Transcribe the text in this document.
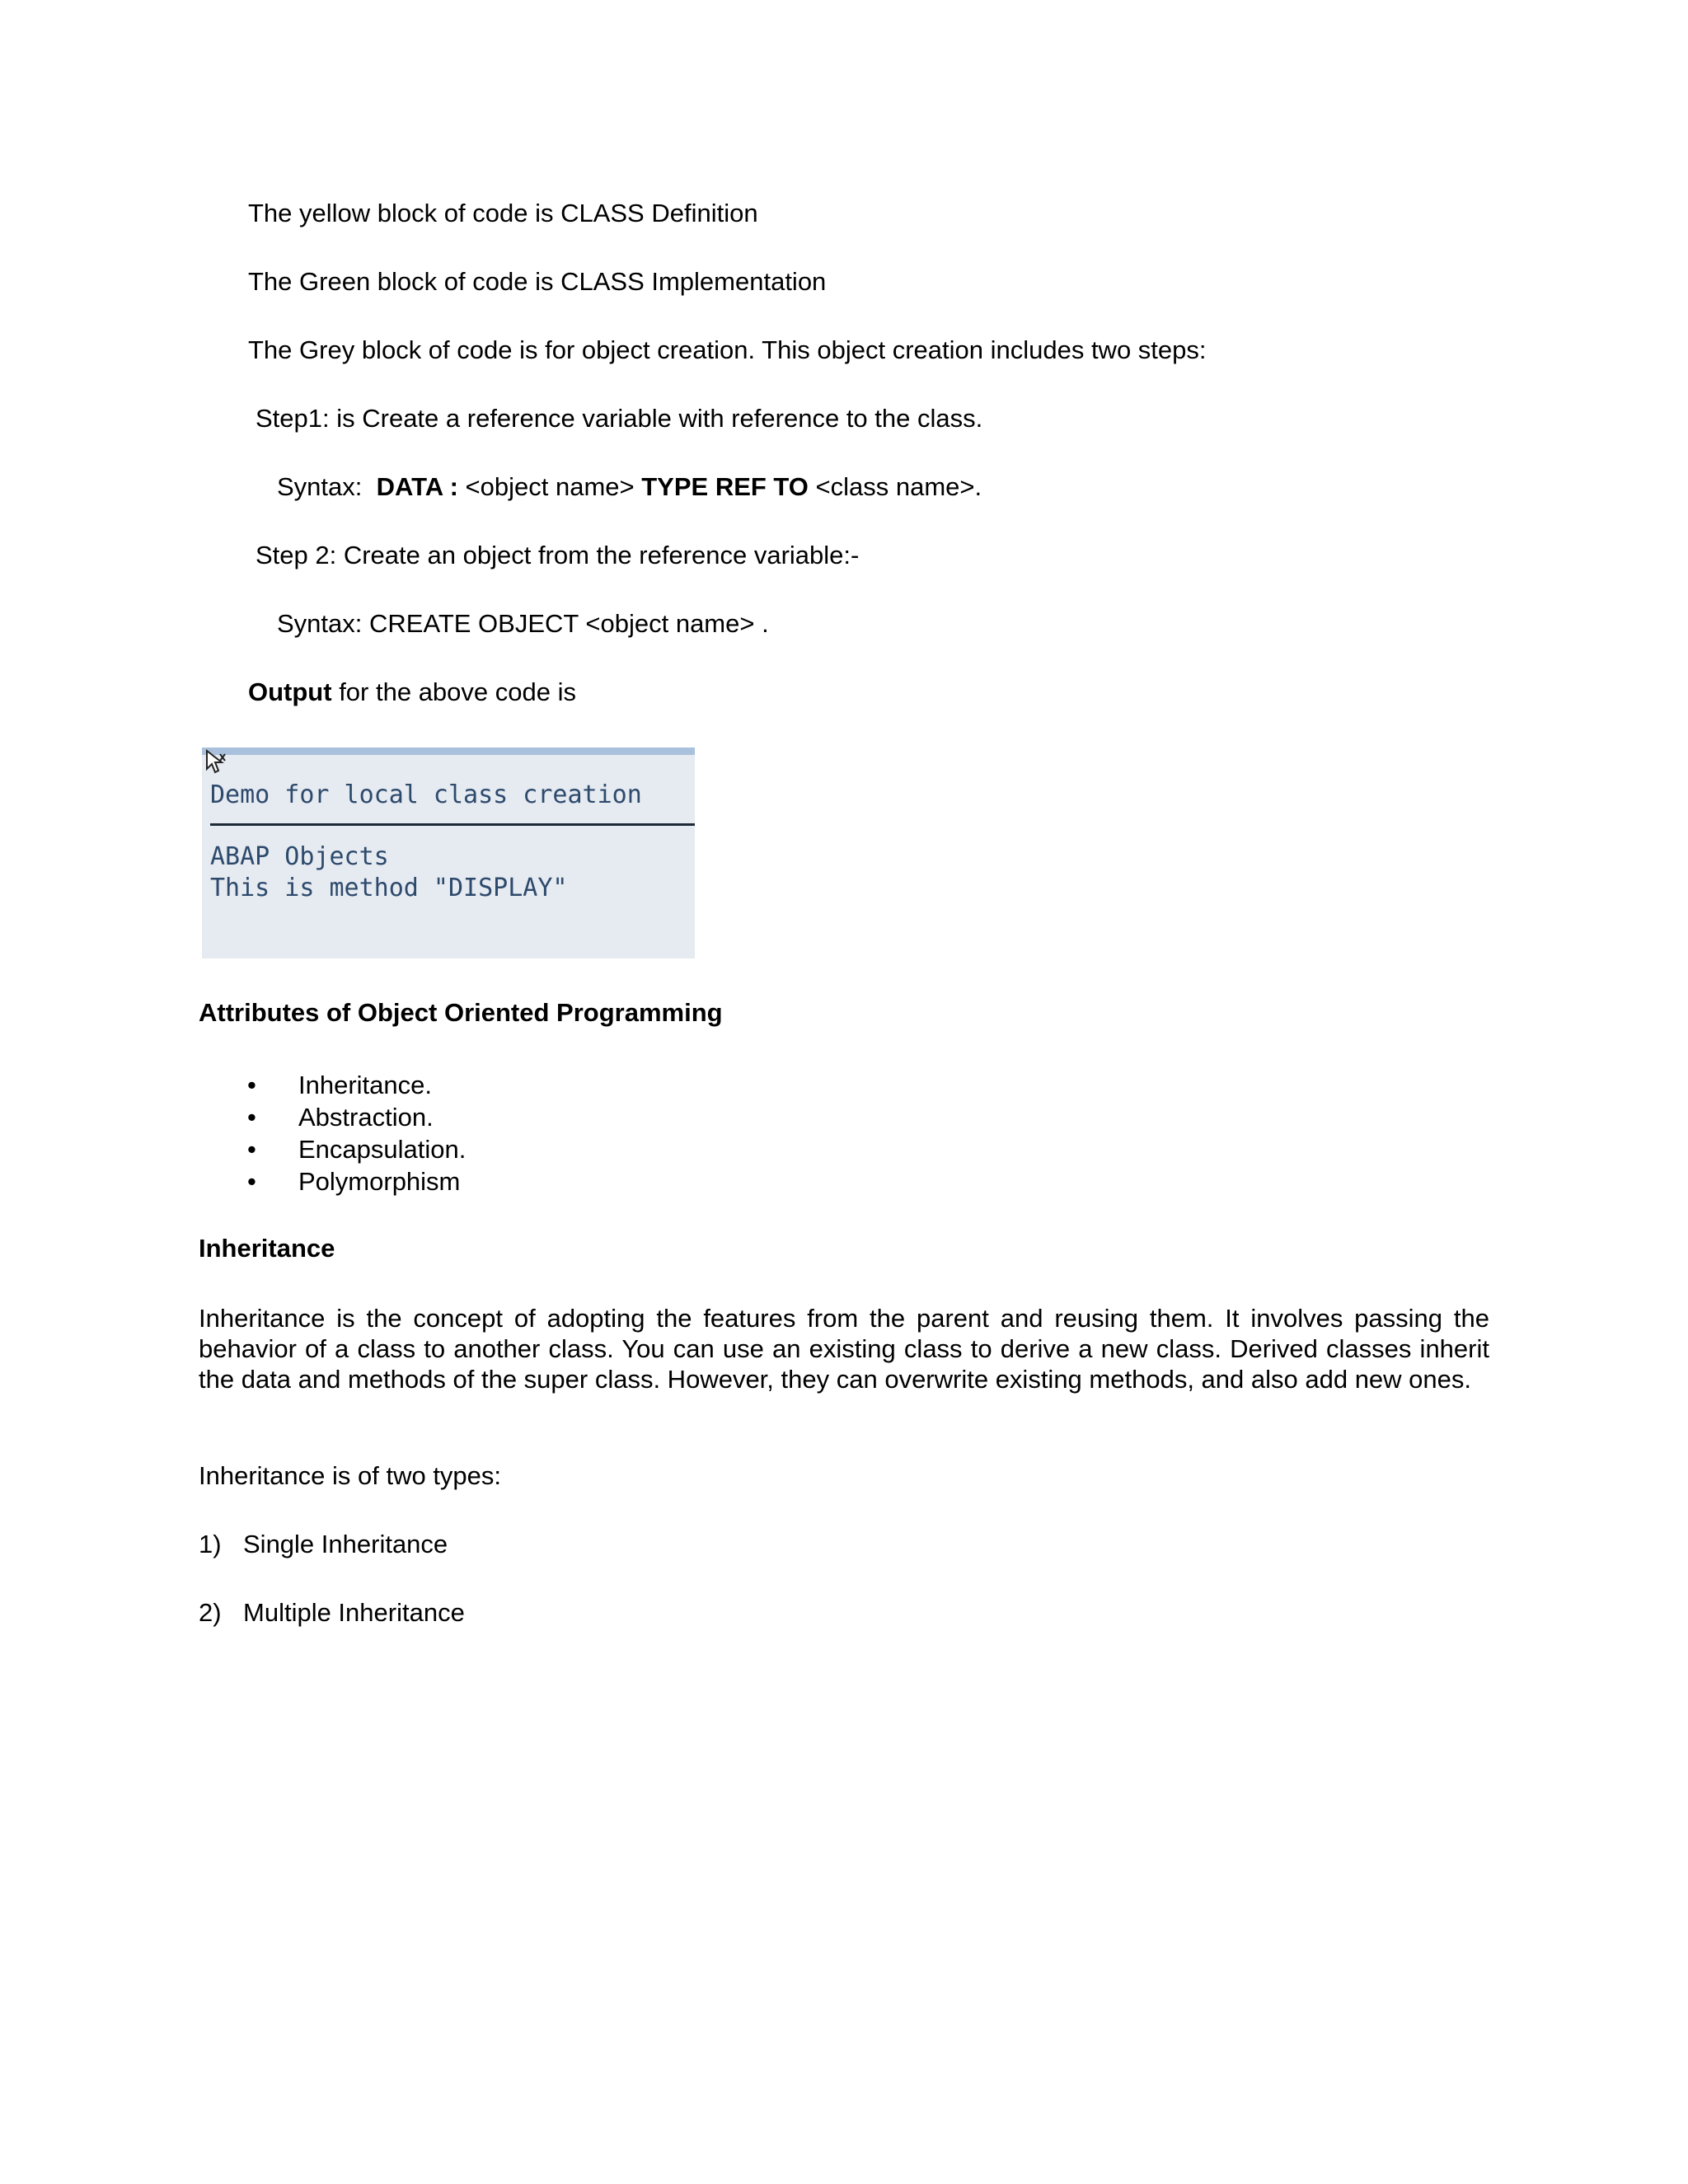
The yellow block of code is CLASS Definition
The Green block of code is CLASS Implementation
The Grey block of code is for object creation. This object creation includes two steps:
Step1: is Create a reference variable with reference to the class.
Syntax:  DATA : <object name> TYPE REF TO <class name>.
Step 2: Create an object from the reference variable:-
Syntax: CREATE OBJECT <object name> .
Output for the above code is
Demo for local class creation
ABAP Objects
This is method "DISPLAY"
Attributes of Object Oriented Programming
• Inheritance.
• Abstraction.
• Encapsulation.
• Polymorphism
Inheritance
Inheritance is the concept of adopting the features from the parent and reusing them. It involves passing the behavior of a class to another class. You can use an existing class to derive a new class. Derived classes inherit the data and methods of the super class. However, they can overwrite existing methods, and also add new ones.
Inheritance is of two types:
1) Single Inheritance
2) Multiple Inheritance
